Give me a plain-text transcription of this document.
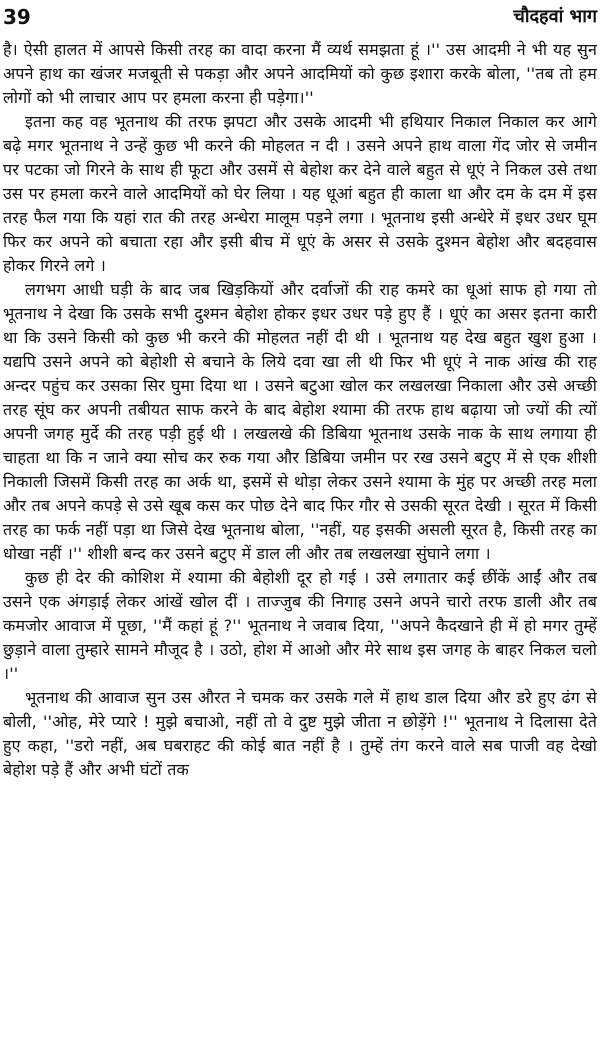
39	चौदहवां भाग

है। ऐसी हालत में आपसे किसी तरह का वादा करना मैं व्यर्थ समझता हूं ।'' उस आदमी ने भी यह सुन अपने हाथ का खंजर मजबूती से पकड़ा और अपने आदमियों को कुछ इशारा करके बोला, ''तब तो हम लोगों को भी लाचार आप पर हमला करना ही पड़ेगा।''

इतना कह वह भूतनाथ की तरफ झपटा और उसके आदमी भी हथियार निकाल निकाल कर आगे बढ़े मगर भूतनाथ ने उन्हें कुछ भी करने की मोहलत न दी । उसने अपने हाथ वाला गेंद जोर से जमीन पर पटका जो गिरने के साथ ही फूटा और उसमें से बेहोश कर देने वाले बहुत से धूएं ने निकल उसे तथा उस पर हमला करने वाले आदमियों को घेर लिया । यह धूआं बहुत ही काला था और दम के दम में इस तरह फैल गया कि यहां रात की तरह अन्धेरा मालूम पड़ने लगा । भूतनाथ इसी अन्धेरे में इधर उधर घूम फिर कर अपने को बचाता रहा और इसी बीच में धूएं के असर से उसके दुश्मन बेहोश और बदहवास होकर गिरने लगे ।

लगभग आधी घड़ी के बाद जब खिड़कियों और दर्वाजों की राह कमरे का धूआं साफ हो गया तो भूतनाथ ने देखा कि उसके सभी दुश्मन बेहोश होकर इधर उधर पड़े हुए हैं । धूएं का असर इतना कारी था कि उसने किसी को कुछ भी करने की मोहलत नहीं दी थी । भूतनाथ यह देख बहुत खुश हुआ । यद्यपि उसने अपने को बेहोशी से बचाने के लिये दवा खा ली थी फिर भी धूएं ने नाक आंख की राह अन्दर पहुंच कर उसका सिर घुमा दिया था । उसने बटुआ खोल कर लखलखा निकाला और उसे अच्छी तरह सूंघ कर अपनी तबीयत साफ करने के बाद बेहोश श्यामा की तरफ हाथ बढ़ाया जो ज्यों की त्यों अपनी जगह मुर्दे की तरह पड़ी हुई थी । लखलखे की डिबिया भूतनाथ उसके नाक के साथ लगाया ही चाहता था कि न जाने क्या सोच कर रुक गया और डिबिया जमीन पर रख उसने बटुए में से एक शीशी निकाली जिसमें किसी तरह का अर्क था, इसमें से थोड़ा लेकर उसने श्यामा के मुंह पर अच्छी तरह मला और तब अपने कपड़े से उसे खूब कस कर पोछ देने बाद फिर गौर से उसकी सूरत देखी । सूरत में किसी तरह का फर्क नहीं पड़ा था जिसे देख भूतनाथ बोला, ''नहीं, यह इसकी असली सूरत है, किसी तरह का धोखा नहीं ।'' शीशी बन्द कर उसने बटुए में डाल ली और तब लखलखा सुंघाने लगा ।

कुछ ही देर की कोशिश में श्यामा की बेहोशी दूर हो गई । उसे लगातार कई छींकें आईं और तब उसने एक अंगड़ाई लेकर आंखें खोल दीं । ताज्जुब की निगाह उसने अपने चारो तरफ डाली और तब कमजोर आवाज में पूछा, ''मैं कहां हूं ?'' भूतनाथ ने जवाब दिया, ''अपने कैदखाने ही में हो मगर तुम्हें छुड़ाने वाला तुम्हारे सामने मौजूद है । उठो, होश में आओ और मेरे साथ इस जगह के बाहर निकल चलो ।''

भूतनाथ की आवाज सुन उस औरत ने चमक कर उसके गले में हाथ डाल दिया और डरे हुए ढंग से बोली, ''ओह, मेरे प्यारे ! मुझे बचाओ, नहीं तो वे दुष्ट मुझे जीता न छोड़ेंगे !'' भूतनाथ ने दिलासा देते हुए कहा, ''डरो नहीं, अब घबराहट की कोई बात नहीं है । तुम्हें तंग करने वाले सब पाजी वह देखो बेहोश पड़े हैं और अभी घंटों तक
